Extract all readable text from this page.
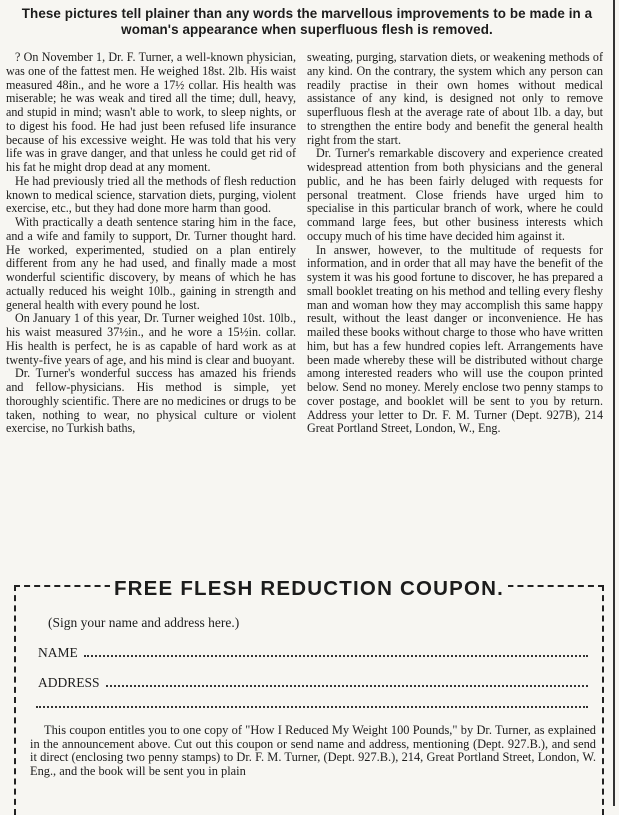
These pictures tell plainer than any words the marvellous improvements to be made in a woman's appearance when superfluous flesh is removed.

? On November 1, Dr. F. Turner, a well-known physician, was one of the fattest men. He weighed 18st. 2lb. His waist measured 48in., and he wore a 17½ collar. His health was miserable; he was weak and tired all the time; dull, heavy, and stupid in mind; wasn't able to work, to sleep nights, or to digest his food. He had just been refused life insurance because of his excessive weight. He was told that his very life was in grave danger, and that unless he could get rid of his fat he might drop dead at any moment.

He had previously tried all the methods of flesh reduction known to medical science, starvation diets, purging, violent exercise, etc., but they had done more harm than good.

With practically a death sentence staring him in the face, and a wife and family to support, Dr. Turner thought hard. He worked, experimented, studied on a plan entirely different from any he had used, and finally made a most wonderful scientific discovery, by means of which he has actually reduced his weight 10lb., gaining in strength and general health with every pound he lost.

On January 1 of this year, Dr. Turner weighed 10st. 10lb., his waist measured 37½in., and he wore a 15½in. collar. His health is perfect, he is as capable of hard work as at twenty-five years of age, and his mind is clear and buoyant.

Dr. Turner's wonderful success has amazed his friends and fellow-physicians. His method is simple, yet thoroughly scientific. There are no medicines or drugs to be taken, nothing to wear, no physical culture or violent exercise, no Turkish baths,

sweating, purging, starvation diets, or weakening methods of any kind. On the contrary, the system which any person can readily practise in their own homes without medical assistance of any kind, is designed not only to remove superfluous flesh at the average rate of about 1lb. a day, but to strengthen the entire body and benefit the general health right from the start.

Dr. Turner's remarkable discovery and experience created widespread attention from both physicians and the general public, and he has been fairly deluged with requests for personal treatment. Close friends have urged him to specialise in this particular branch of work, where he could command large fees, but other business interests which occupy much of his time have decided him against it.

In answer, however, to the multitude of requests for information, and in order that all may have the benefit of the system it was his good fortune to discover, he has prepared a small booklet treating on his method and telling every fleshy man and woman how they may accomplish this same happy result, without the least danger or inconvenience. He has mailed these books without charge to those who have written him, but has a few hundred copies left. Arrangements have been made whereby these will be distributed without charge among interested readers who will use the coupon printed below. Send no money. Merely enclose two penny stamps to cover postage, and booklet will be sent to you by return. Address your letter to Dr. F. M. Turner (Dept. 927B), 214 Great Portland Street, London, W., Eng.

FREE FLESH REDUCTION COUPON.
(Sign your name and address here.)
NAME
ADDRESS
This coupon entitles you to one copy of "How I Reduced My Weight 100 Pounds," by Dr. Turner, as explained in the announcement above. Cut out this coupon or send name and address, mentioning (Dept. 927.B.), and send it direct (enclosing two penny stamps) to Dr. F. M. Turner, (Dept. 927.B.), 214, Great Portland Street, London, W. Eng., and the book will be sent you in plain
